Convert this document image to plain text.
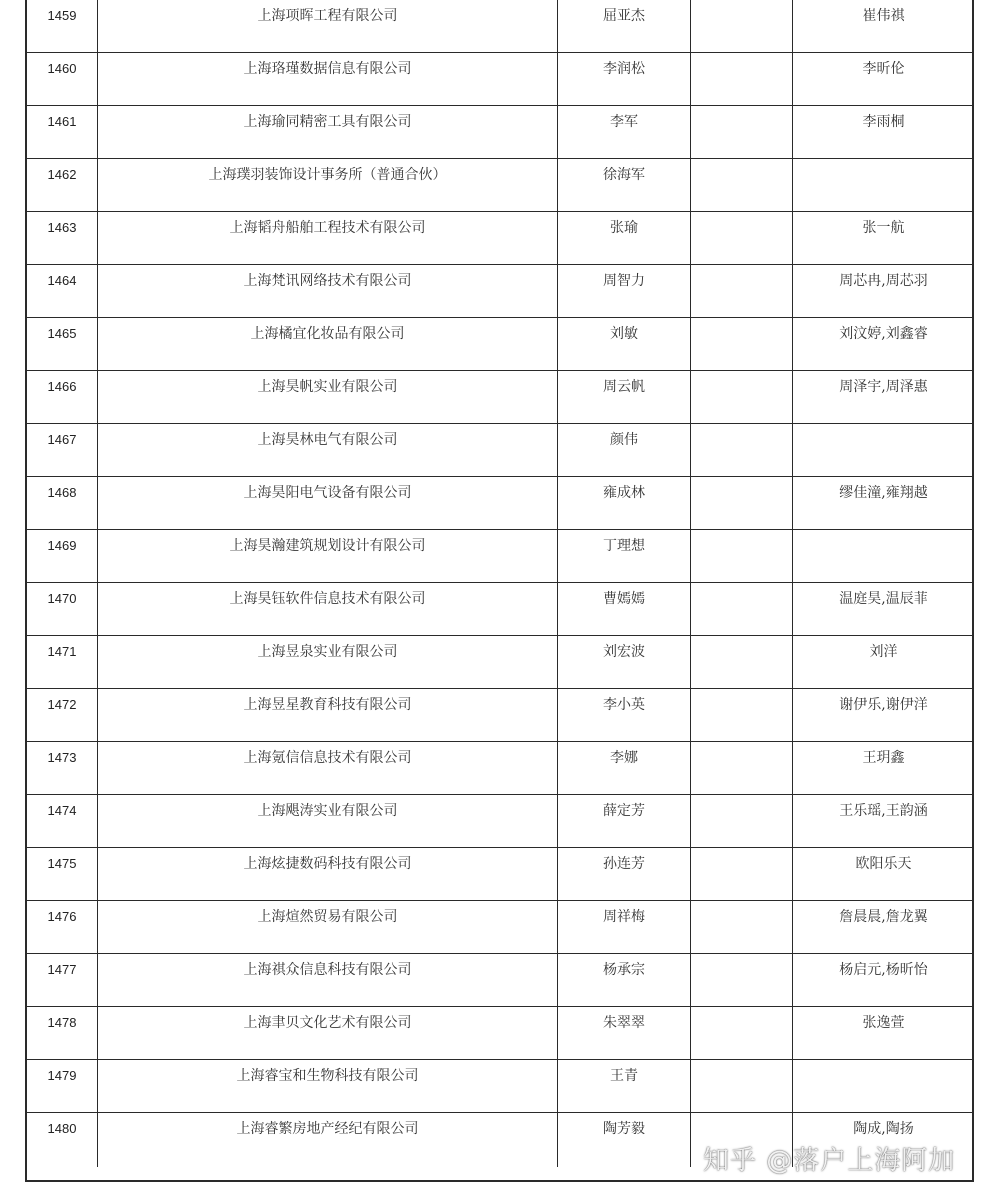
1459	上海项晖工程有限公司	屈亚杰	崔伟祺
1460	上海珞瑾数据信息有限公司	李润松	李昕伦
1461	上海瑜同精密工具有限公司	李军	李雨桐
1462	上海璞羽装饰设计事务所（普通合伙）	徐海军
1463	上海韬舟船舶工程技术有限公司	张瑜	张一航
1464	上海梵讯网络技术有限公司	周智力	周芯冉,周芯羽
1465	上海橘宜化妆品有限公司	刘敏	刘汶婷,刘鑫睿
1466	上海昊帆实业有限公司	周云帆	周泽宇,周泽惠
1467	上海昊林电气有限公司	颜伟
1468	上海昊阳电气设备有限公司	雍成林	缪佳潼,雍翔越
1469	上海昊瀚建筑规划设计有限公司	丁理想
1470	上海昊钰软件信息技术有限公司	曹嫣嫣	温庭昊,温辰菲
1471	上海昱泉实业有限公司	刘宏波	刘洋
1472	上海昱星教育科技有限公司	李小英	谢伊乐,谢伊洋
1473	上海氪信信息技术有限公司	李娜	王玥鑫
1474	上海飓涛实业有限公司	薛定芳	王乐瑶,王韵涵
1475	上海炫捷数码科技有限公司	孙连芳	欧阳乐天
1476	上海煊然贸易有限公司	周祥梅	詹晨晨,詹龙翼
1477	上海祺众信息科技有限公司	杨承宗	杨启元,杨昕怡
1478	上海聿贝文化艺术有限公司	朱翠翠	张逸萱
1479	上海睿宝和生物科技有限公司	王青
1480	上海睿繁房地产经纪有限公司	陶芳毅	陶成,陶扬
知乎 @落户上海阿加
